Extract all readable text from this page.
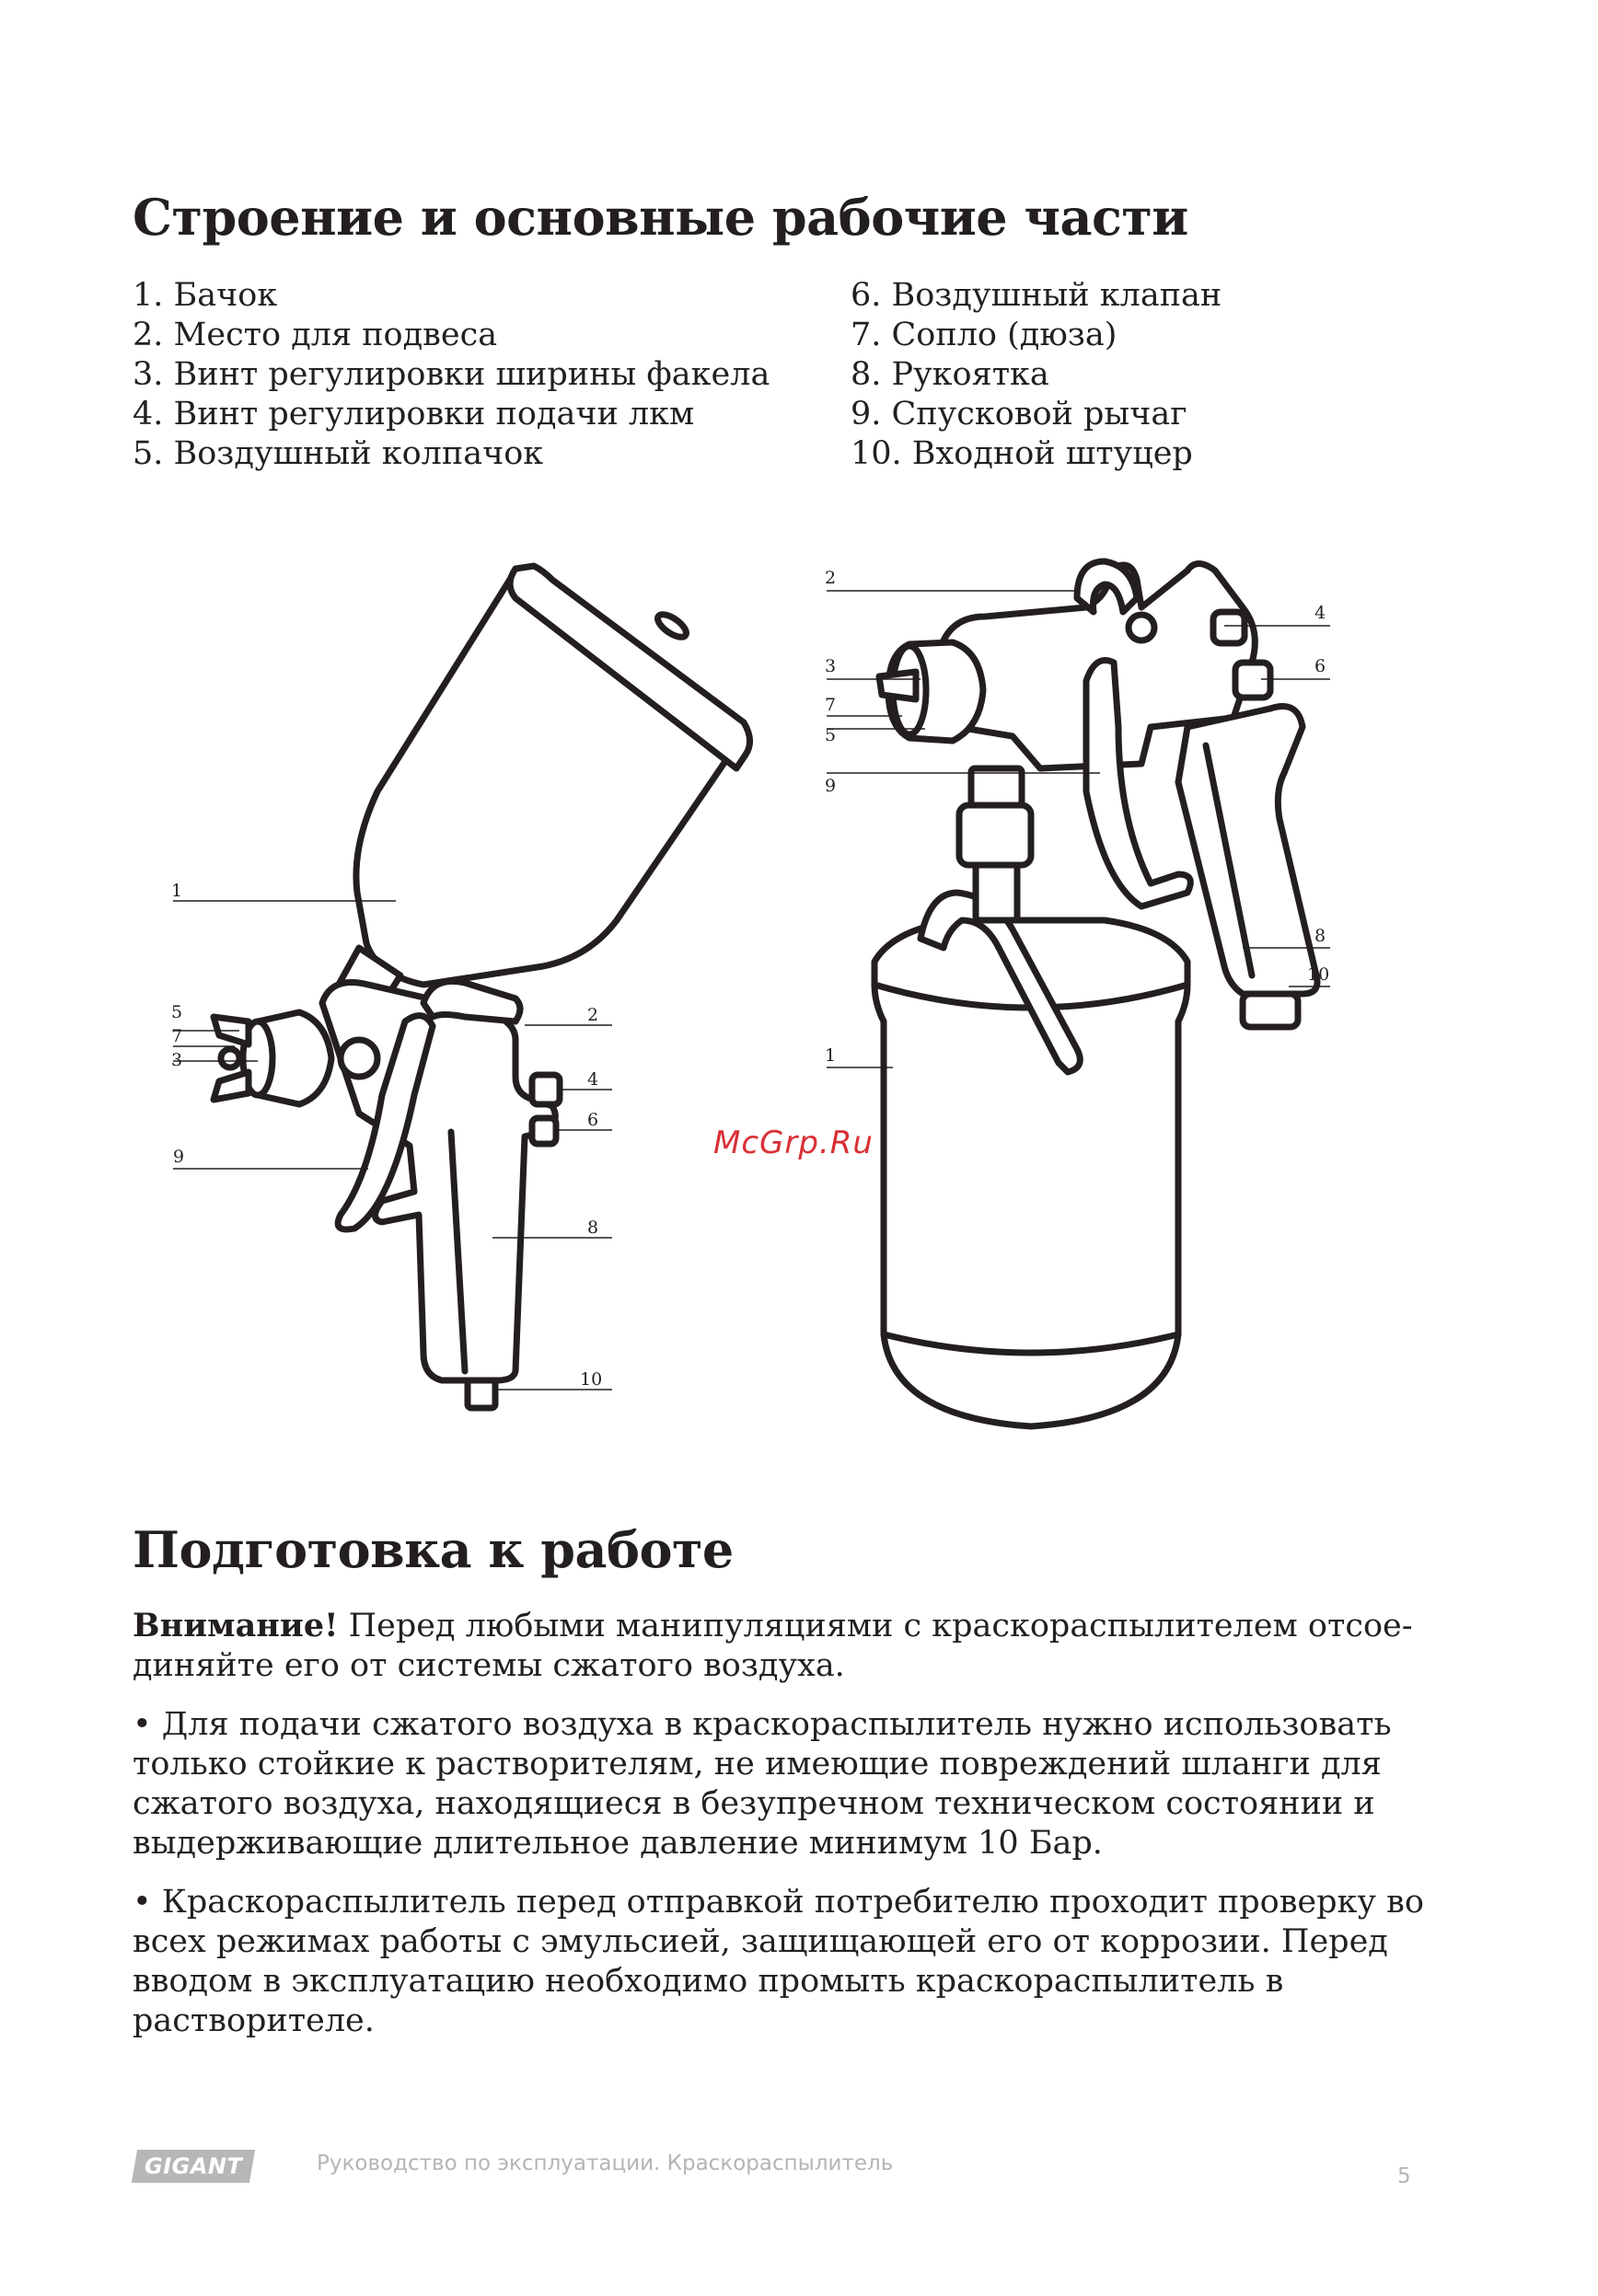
Строение и основные рабочие части
1. Бачок
2. Место для подвеса
3. Винт регулировки ширины факела
4. Винт регулировки подачи лкм
5. Воздушный колпачок
6. Воздушный клапан
7. Сопло (дюза)
8. Рукоятка
9. Спусковой рычаг
10. Входной штуцер
1
5
7
3
2
4
6
9
8
10
2
4
3	6
7
5
9
1
8
10
McGrp.Ru
Подготовка к работе

Внимание! Перед любыми манипуляциями с краскораспылителем отсое-диняйте его от системы сжатого воздуха.

• Для подачи сжатого воздуха в краскораспылитель нужно использовать только стойкие к растворителям, не имеющие повреждений шланги для сжатого воздуха, находящиеся в безупречном техническом состоянии и выдерживающие длительное давление минимум 10 Бар.

• Краскораспылитель перед отправкой потребителю проходит проверку во всех режимах работы с эмульсией, защищающей его от коррозии. Перед вводом в эксплуатацию необходимо промыть краскораспылитель в растворителе.

GIGANT	Руководство по эксплуатации. Краскораспылитель
5
